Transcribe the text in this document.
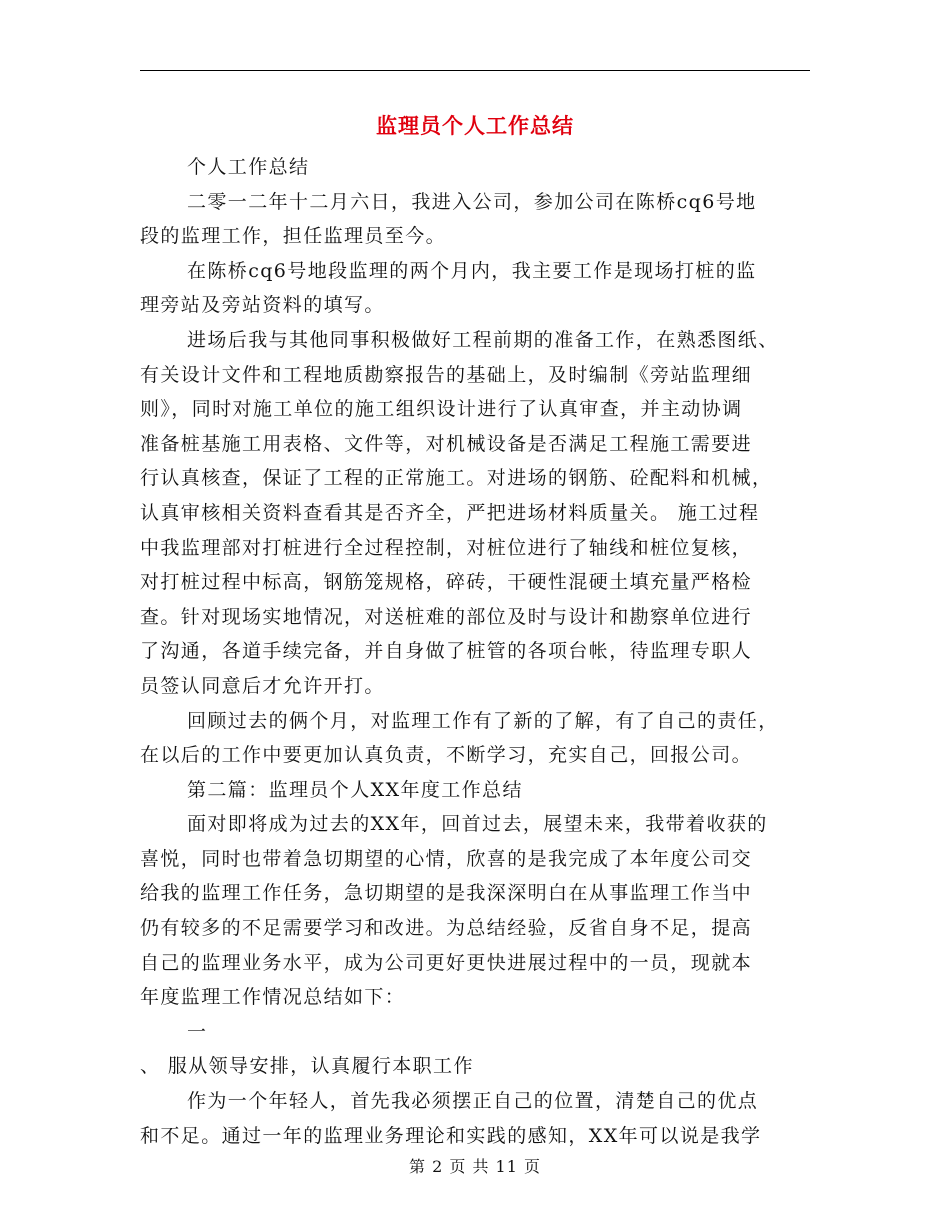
监理员个人工作总结
个人工作总结
二零一二年十二月六日，我进入公司，参加公司在陈桥cq6号地
段的监理工作，担任监理员至今。
在陈桥cq6号地段监理的两个月内，我主要工作是现场打桩的监
理旁站及旁站资料的填写。
进场后我与其他同事积极做好工程前期的准备工作，在熟悉图纸、
有关设计文件和工程地质勘察报告的基础上，及时编制《旁站监理细
则》，同时对施工单位的施工组织设计进行了认真审查，并主动协调
准备桩基施工用表格、文件等，对机械设备是否满足工程施工需要进
行认真核查，保证了工程的正常施工。对进场的钢筋、砼配料和机械，
认真审核相关资料查看其是否齐全，严把进场材料质量关。 施工过程
中我监理部对打桩进行全过程控制，对桩位进行了轴线和桩位复核，
对打桩过程中标高，钢筋笼规格，碎砖，干硬性混硬土填充量严格检
查。针对现场实地情况，对送桩难的部位及时与设计和勘察单位进行
了沟通，各道手续完备，并自身做了桩管的各项台帐，待监理专职人
员签认同意后才允许开打。
回顾过去的俩个月，对监理工作有了新的了解，有了自己的责任，
在以后的工作中要更加认真负责，不断学习，充实自己，回报公司。
第二篇：监理员个人XX年度工作总结
面对即将成为过去的XX年，回首过去，展望未来，我带着收获的
喜悦，同时也带着急切期望的心情，欣喜的是我完成了本年度公司交
给我的监理工作任务，急切期望的是我深深明白在从事监理工作当中
仍有较多的不足需要学习和改进。为总结经验，反省自身不足，提高
自己的监理业务水平，成为公司更好更快进展过程中的一员，现就本
年度监理工作情况总结如下：
一
、 服从领导安排，认真履行本职工作
作为一个年轻人，首先我必须摆正自己的位置，清楚自己的优点
和不足。通过一年的监理业务理论和实践的感知，XX年可以说是我学
第 2 页 共 11 页
